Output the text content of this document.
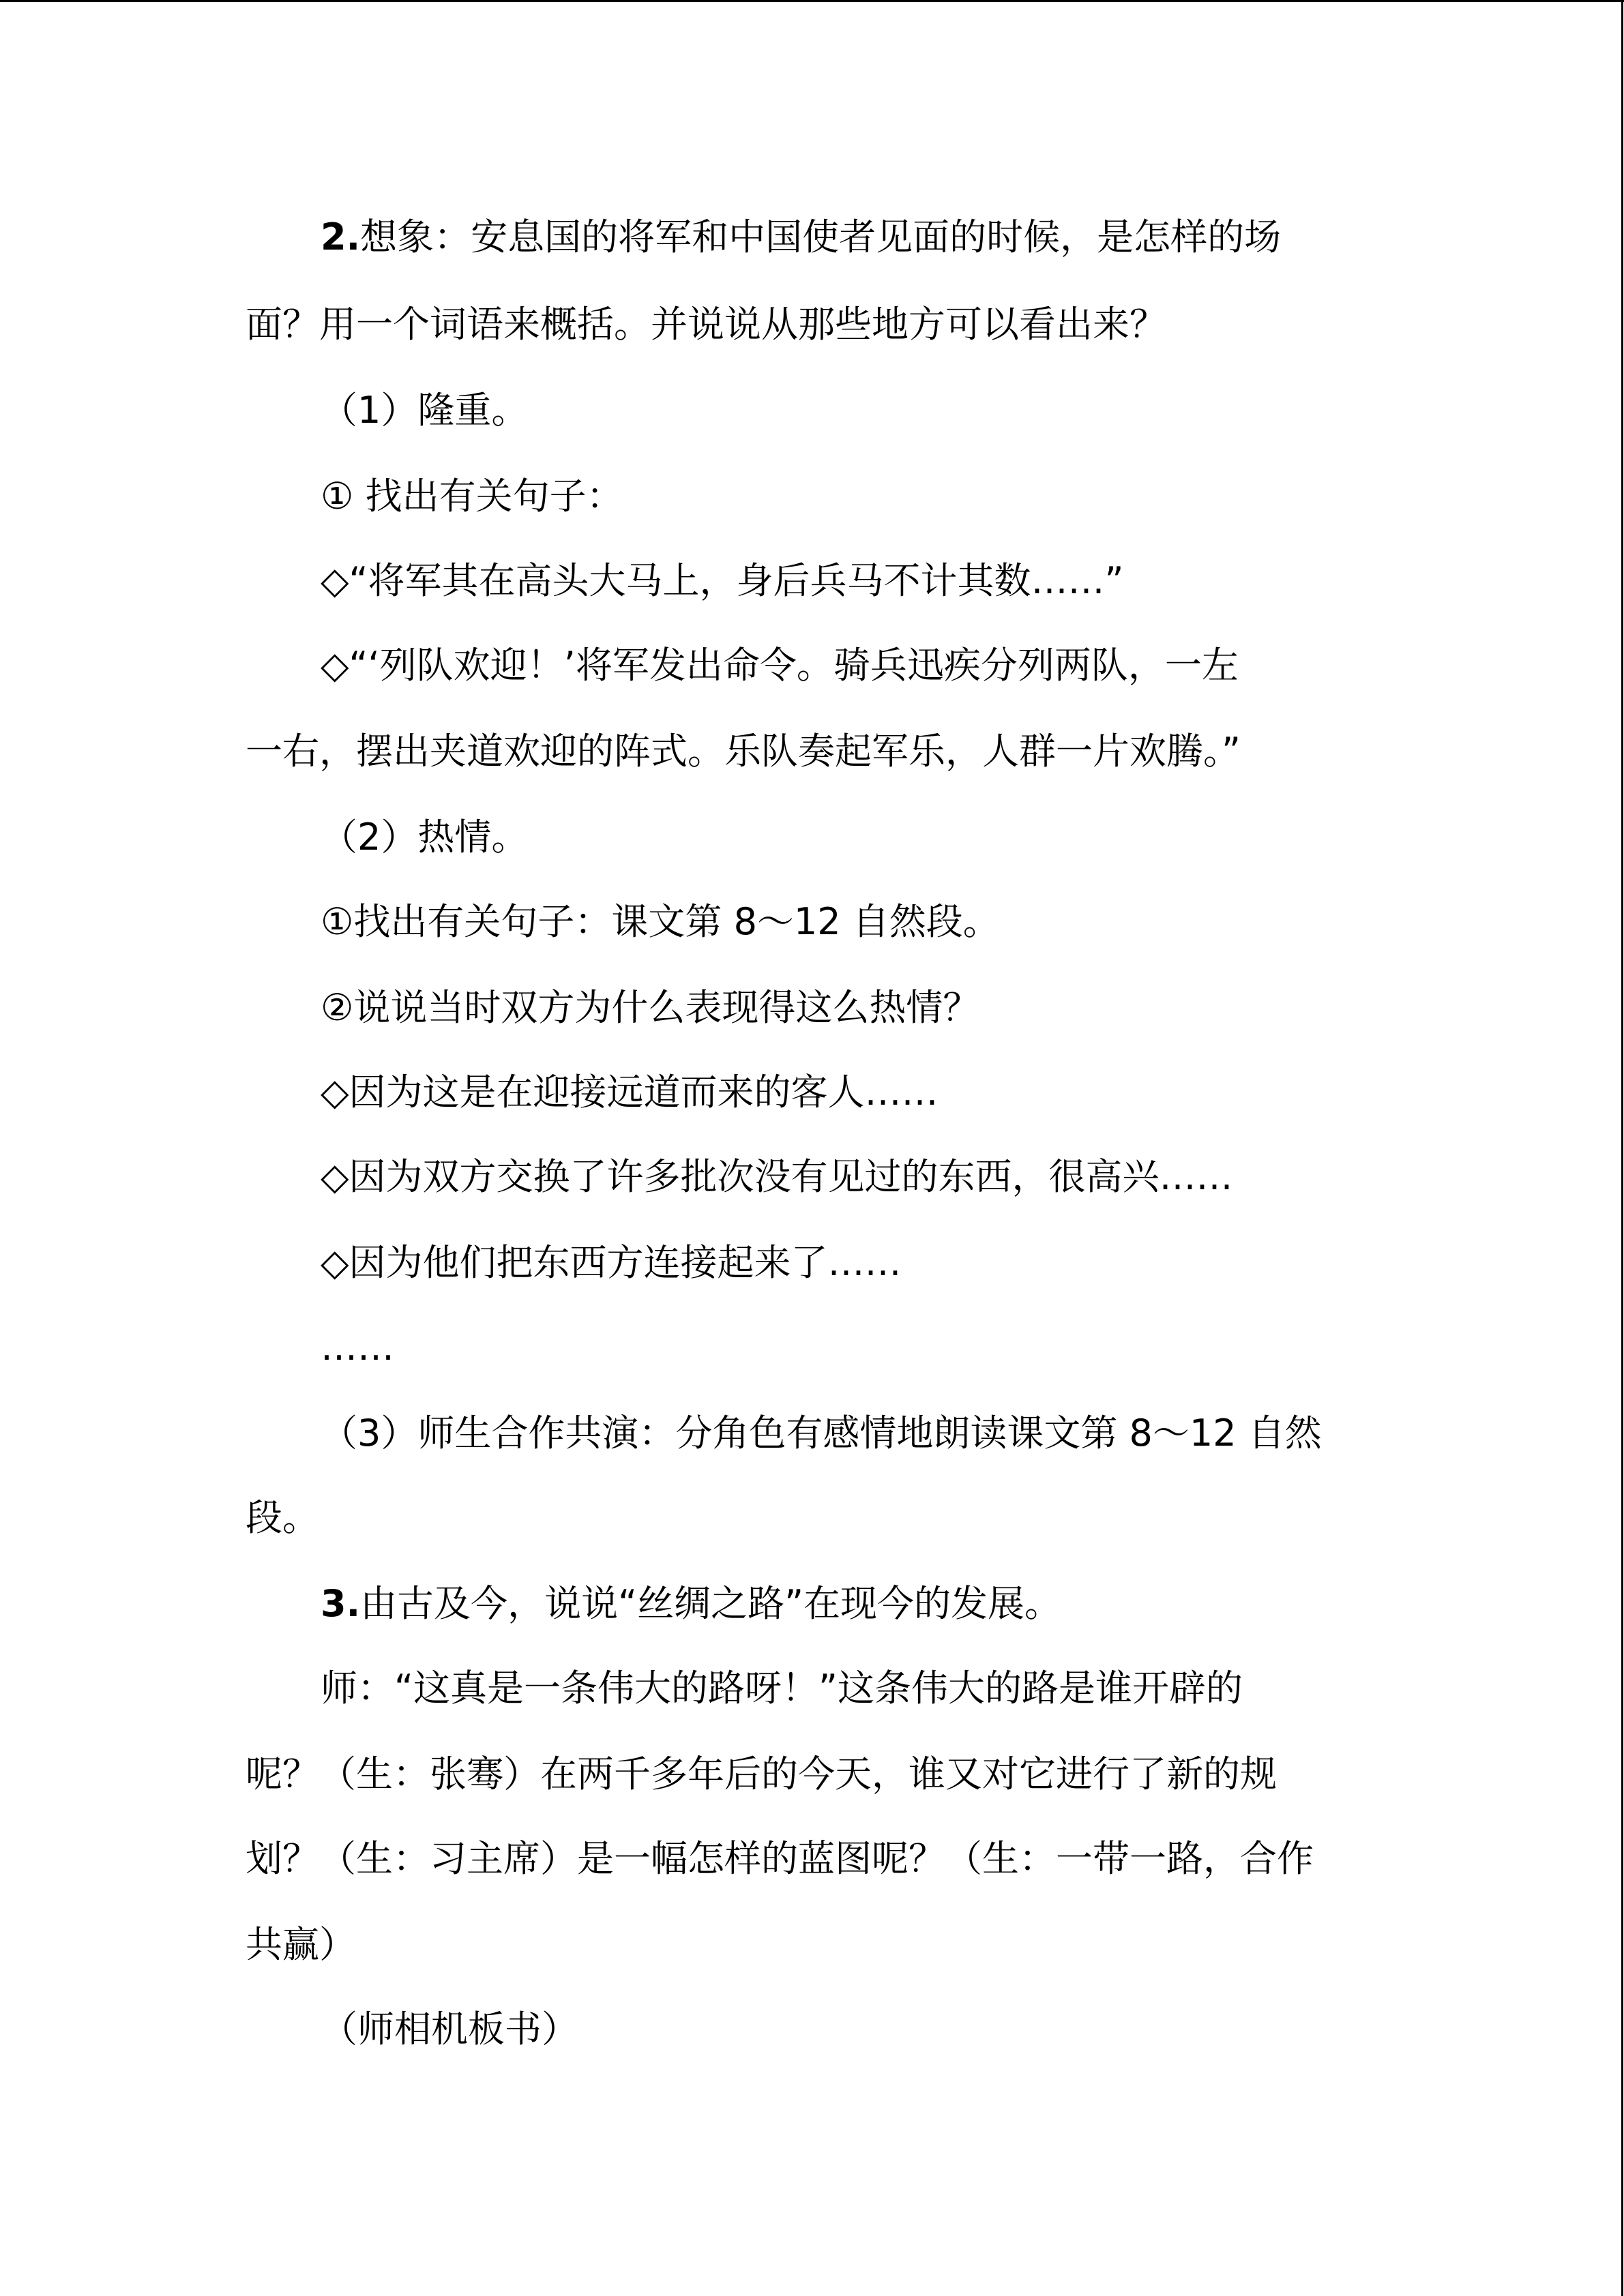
2.想象：安息国的将军和中国使者见面的时候，是怎样的场

面？用一个词语来概括。并说说从那些地方可以看出来？

（1）隆重。

① 找出有关句子：

◇“将军其在高头大马上，身后兵马不计其数……”

◇“‘列队欢迎！’将军发出命令。骑兵迅疾分列两队，一左

一右，摆出夹道欢迎的阵式。乐队奏起军乐，人群一片欢腾。”

（2）热情。

①找出有关句子：课文第 8～12 自然段。

②说说当时双方为什么表现得这么热情？

◇因为这是在迎接远道而来的客人……

◇因为双方交换了许多批次没有见过的东西，很高兴……

◇因为他们把东西方连接起来了……

……

（3）师生合作共演：分角色有感情地朗读课文第 8～12 自然

段。

3.由古及今，说说“丝绸之路”在现今的发展。

师：“这真是一条伟大的路呀！”这条伟大的路是谁开辟的

呢？（生：张骞）在两千多年后的今天，谁又对它进行了新的规

划？（生：习主席）是一幅怎样的蓝图呢？（生：一带一路，合作

共赢）

（师相机板书）
